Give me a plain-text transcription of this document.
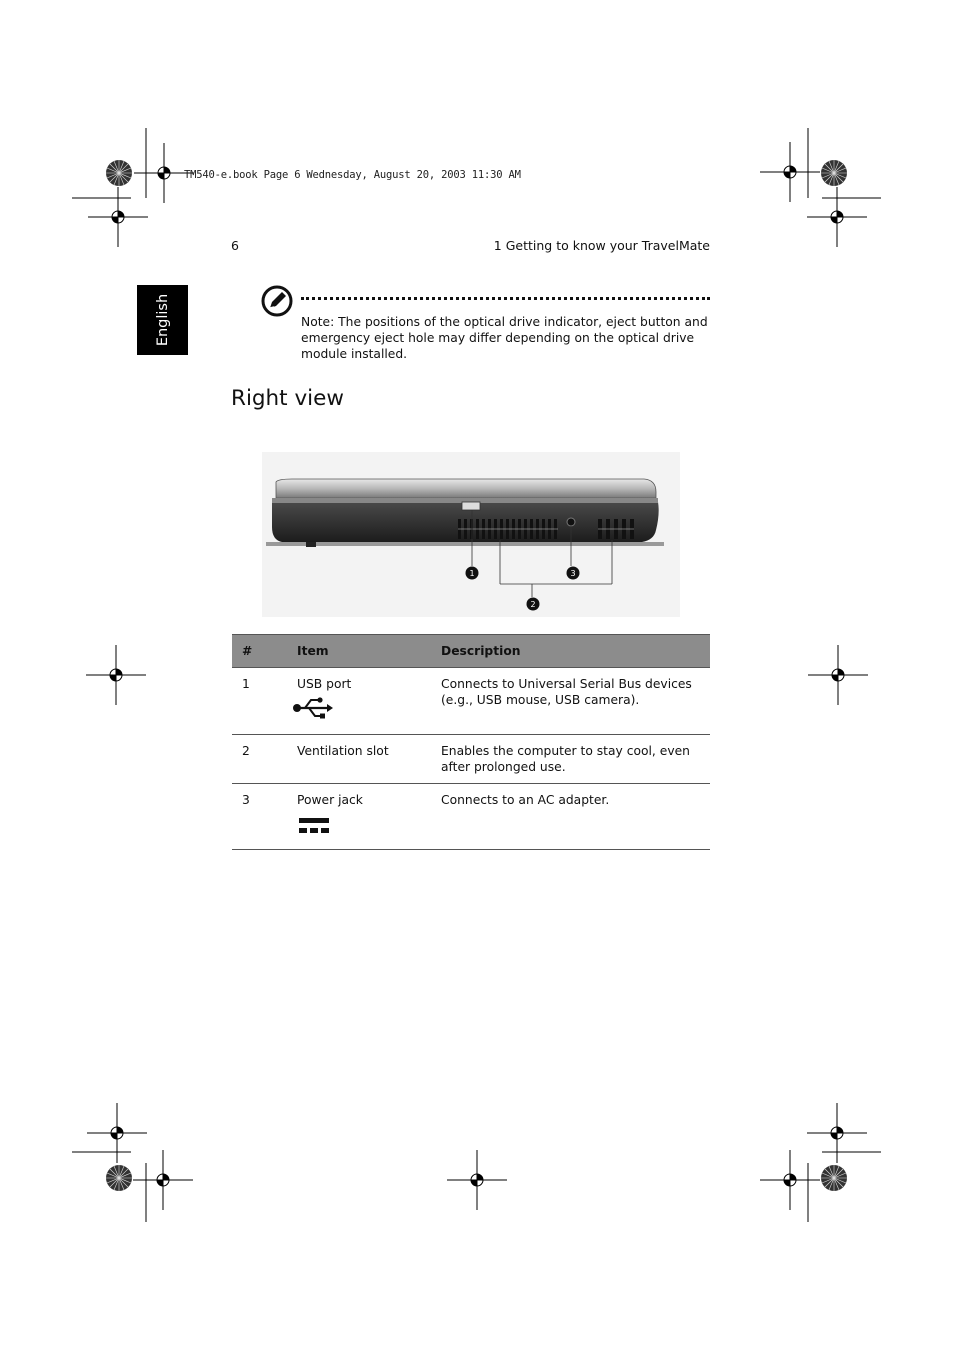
TM540-e.book Page 6 Wednesday, August 20, 2003 11:30 AM
6	1 Getting to know your TravelMate
English	Note: The positions of the optical drive indicator, eject button and emergency eject hole may differ depending on the optical drive module installed.
Right view
1
2
3
#	Item	Description
1	USB port	Connects to Universal Serial Bus devices (e.g., USB mouse, USB camera).
2	Ventilation slot	Enables the computer to stay cool, even after prolonged use.
3	Power jack	Connects to an AC adapter.
